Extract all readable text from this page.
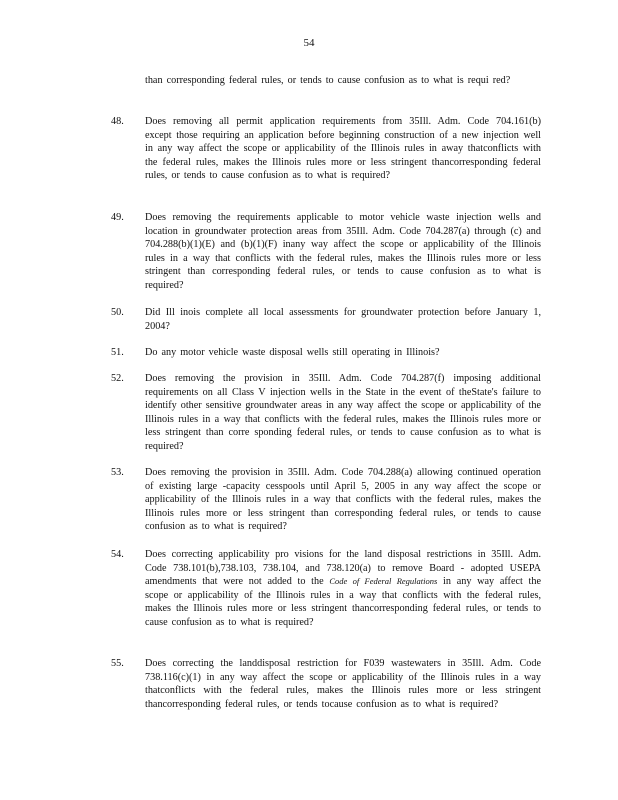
54

than corresponding federal rules, or tends to cause confusion as to what is requi red?

48. Does removing all permit application requirements from 35Ill. Adm. Code 704.161(b) except those requiring an application before beginning construction of a new injection well in any way affect the scope or applicability of the Illinois rules in away thatconflicts with the federal rules, makes the Illinois rules more or less stringent thancorresponding federal rules, or tends to cause confusion as to what is required?

49. Does removing the requirements applicable to motor vehicle waste injection wells and location in groundwater protection areas from 35Ill. Adm. Code 704.287(a) through (c) and 704.288(b)(1)(E) and (b)(1)(F) inany way affect the scope or applicability of the Illinois rules in a way that conflicts with the federal rules, makes the Illinois rules more or less stringent than corresponding federal rules, or tends to cause confusion as to what is required?

50. Did Ill inois complete all local assessments for groundwater protection before January 1, 2004?

51. Do any motor vehicle waste disposal wells still operating in Illinois?

52. Does removing the provision in 35Ill. Adm. Code 704.287(f) imposing additional requirements on all Class V injection wells in the State in the event of theState's failure to identify other sensitive groundwater areas in any way affect the scope or applicability of the Illinois rules in a way that conflicts with the federal rules, makes the Illinois rules more or less stringent than corre sponding federal rules, or tends to cause confusion as to what is required?

53. Does removing the provision in 35Ill. Adm. Code 704.288(a) allowing continued operation of existing large -capacity cesspools until April 5, 2005 in any way affect the scope or applicability of the Illinois rules in a way that conflicts with the federal rules, makes the Illinois rules more or less stringent than corresponding federal rules, or tends to cause confusion as to what is required?

54. Does correcting applicability pro visions for the land disposal restrictions in 35Ill. Adm. Code 738.101(b),738.103, 738.104, and 738.120(a) to remove Board - adopted USEPA amendments that were not added to the Code of Federal Regulations in any way affect the scope or applicability of the Illinois rules in a way that conflicts with the federal rules, makes the Illinois rules more or less stringent thancorresponding federal rules, or tends to cause confusion as to what is required?

55. Does correcting the landdisposal restriction for F039 wastewaters in 35Ill. Adm. Code 738.116(c)(1) in any way affect the scope or applicability of the Illinois rules in a way thatconflicts with the federal rules, makes the Illinois rules more or less stringent thancorresponding federal rules, or tends tocause confusion as to what is required?
